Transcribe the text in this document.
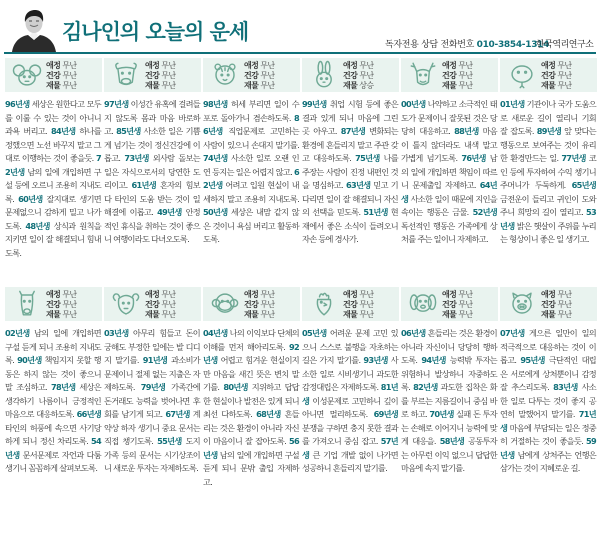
김나인의 오늘의 운세
독자전용 상담 전화번호 010-3854-1314
한국역리연구소
애정 무난
건강 무난
재물 무난
96년생 세상은 원한다고 모두를 이룰 수 있는 것이 아니니 과욕 버리고. 84년생 하나를 정했으면 노선 바꾸지 말고 그대로 이행하는 것이 좋을듯. 72년생 남의 일에 개입하면 구설 등에 오르니 조용히 지내도록. 60년생 잘지대로 생기면 문제없으니 감하게 밀고 나가도록. 48년생 상식과 원칙을 지키면 일이 잘 해결되니 힘내도록.
애정 무난
건강 무난
재물 무난
97년생 이성간 유혹에 걸려들지 않도록 몸과 마음 바로하고. 85년생 사소한 일은 기쁨게 넘기는 것이 정신건강에 이롭고. 73년생 외사람 돌보는 일은 자식으로서의 당연한 도리이고. 61년생 혼자의 힘보다 타인의 도움 받는 것이 일 해결에 이롭고. 49년생 안정적인 휴식을 취하는 것이 좋으니 여행이라도 다녀오도록.
애정 무난
건강 무난
재물 무난
98년생 허세 부리면 일이 수포로 돌아가니 겸손하도록. 86년생 직업문제로 고민하는 사람이 있으니 손대지 말기를. 74년생 사소한 일로 오랜 인연 등지는 일은 어렵지 않고. 62년생 어려고 입원 현실이 내세하지 말고 조용히 지내도록. 50년생 세상은 내맘 같지 않은 것이니 욕심 버리고 활동하도록.
애정 무난
건강 무난
재물 상승
99년생 취업 시험 등에 좋은 결과 있게 되니 마음에 그린 곳 아우고. 87년생 변화되는 환경에 흔들리지 말고 주관 갖고 대응하도록. 75년생 나를 주장는 사람이 진정 내편인 것을 명심하고. 63년생 믿고 기다리면 일이 잘 해결되니 자신의 선택을 믿도록. 51년생 현재에서 좋은 소식이 들려오니 자손 등에 경사가.
애정 무난
건강 무난
재물 무난
00년생 나약하고 소극적인 태도가 문제이니 잘못된 것은 당당히 대응하고. 88년생 마음이 틀지 않더라도 내색 말고 가볍게 넘기도록. 76년생 남의 일에 개입하면 책임이 따르니 문제출입 자제하고. 64년생 사소한 일이 때문에 지인을 속이는 행동은 금물. 52년생 독선적인 행동은 가족에게 상처를 주는 일이니 자제하고.
애정 무난
건강 무난
재물 무난
01년생 기관이나 국가 도움으로 새로운 길이 열리니 기회 잘 잡도록. 89년생 앞 맞다는 행동으로 보여주는 것이 유리한 환경만드는 일. 77년생 코인 등에 투자하여 수익 챙기니 주머니가 두둑하게. 65년생 금전운이 들리고 귀인이 도와주니 희망의 길이 열리고. 53년생 밝은 햇살이 주위를 누리는 형상이니 좋은 일 생기고.
애정 무난
건강 무난
재물 무난
02년생 남의 일에 개입하면 구설 듣게 되니 조용히 지내도록. 90년생 책임지지 못할 행동은 하지 않는 것이 좋으니 말 조심하고. 78년생 세상은 생각하기 나름이니 긍정적인 마음으로 대응하도록. 66년생 타인의 허풍에 속으면 사기당하게 되니 정신 차리도록. 54년생 문서문제로 자언과 다툼 생기니 꼼꼼하게 살펴보도록.
애정 무난
건강 무난
재물 무난
03년생 아무리 힘들고 돈이 궁해도 부정한 일에는 발 디디지 말기를. 91년생 과소비가 문제이니 절제 없는 지출은 자제하도록. 79년생 가족간에 돈거래도 능력을 벗어나면 후회를 남기게 되고. 67년생 계약상 하자 생기니 중요 문서는 직접 챙기도록. 55년생 도지 가족 등의 문서는 시기상조이니 새로운 투자는 자제하도록.
애정 무난
건강 무난
재물 무난
04년생 나의 이익보다 단체의 이해를 먼저 해아리도록. 92년생 어렵고 힘겨운 현실이지만 마음을 새긴 뜻은 변치 말기를. 80년생 지위하고 답답한 현실이나 발전은 있게 되니 최선 다하도록. 68년생 흔들리는 것은 환경이 아니라 자신이 마음이니 잘 잡아도록. 56년생 남의 일에 개입하면 구설 듣게 되니 문밖 출입 자제하고.
애정 무난
건강 무난
재물 무난
05년생 어려운 문제 고민 있으니 스스로 불행을 자초하는 길은 가지 말기를. 93년생 사소한 일로 시비생기니 과도한 감정대립은 자제하도록. 81년생 이성문제로 고민하니 깊이 아니면 멀리하도록. 69년생 분쟁을 구하면 충지 못한 결과를 가져오니 중심 잡고. 57년생 큰 기업 개발 없이 나가면 성공하니 흔들리지 말기를.
애정 무난
건강 무난
재물 무난
06년생 흔들리는 것은 환경이 아니라 자신이니 당당히 행하도록. 94년생 능력밖 투자는 위험하니 발상하니 자중하도록. 82년생 과도한 집착은 화를 부르는 지름길이니 중심 바로 하고. 70년생 실패 돈 투자는 손해로 이어지니 능력에 맞게 대응을. 58년생 공동투자는 아무런 이익 없으니 답답한 마음에 속지 말기를.
애정 무난
건강 무난
재물 무난
07년생 게으른 일만이 일의 적극적으로 대응하는 것이 이롭고. 95년생 극단적인 대립은 서로에게 상처뿐이니 감정 잘 추스리도록. 83년생 사소한 일로 다투는 것이 좋지 공연히 말했어지 말기를. 71년생 마음에 부담되는 일은 정중히 거절하는 것이 좋을듯. 59년생 남에게 상처주는 언행은 삼가는 것이 지혜로운 길.
